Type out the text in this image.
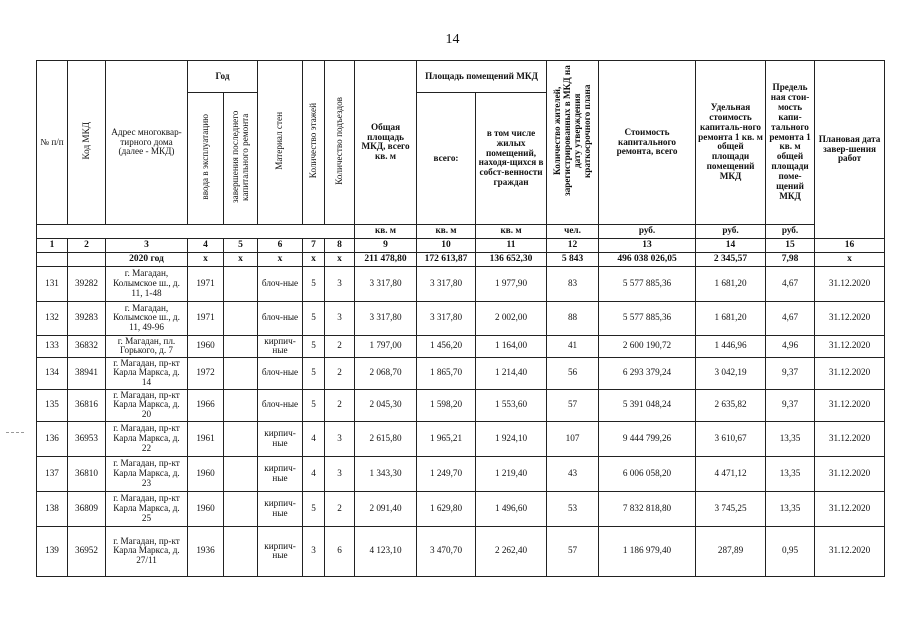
14
№ п/п	Код МКД	Адрес многоквар-тирного дома (далее - МКД)	Год		Материал стен	Количество этажей	Количество подъездов	Общая площадь МКД, всего кв. м	Площадь помещений МКД		Количество жителей, зарегистрированных в МКД на дату утверждения краткосрочного плана	Стоимость капитального ремонта, всего	Удельная стоимость капиталь-ного ремонта 1 кв. м общей площади помещений МКД	Предель ная стои-мость капи-тального ремонта 1 кв. м общей площади поме-щений МКД	Плановая дата завер-шения работ
			ввода в эксплуатацию	завершения последнего капитального ремонта					всего:	в том числе жилых помещений, находя-щихся в собст-венности граждан					
								кв. м	кв. м	кв. м	чел.	руб.	руб.	руб.	
1	2	3	4	5	6	7	8	9	10	11	12	13	14	15	16
		2020 год	x	x	x	x	x	211 478,80	172 613,87	136 652,30	5 843	496 038 026,05	2 345,57	7,98	x
131	39282	г. Магадан, Колымское ш., д. 11, 1-48	1971		блоч-ные	5	3	3 317,80	3 317,80	1 977,90	83	5 577 885,36	1 681,20	4,67	31.12.2020
132	39283	г. Магадан, Колымское ш., д. 11, 49-96	1971		блоч-ные	5	3	3 317,80	3 317,80	2 002,00	88	5 577 885,36	1 681,20	4,67	31.12.2020
133	36832	г. Магадан, пл. Горького, д. 7	1960		кирпич-ные	5	2	1 797,00	1 456,20	1 164,00	41	2 600 190,72	1 446,96	4,96	31.12.2020
134	38941	г. Магадан, пр-кт Карла Маркса, д. 14	1972		блоч-ные	5	2	2 068,70	1 865,70	1 214,40	56	6 293 379,24	3 042,19	9,37	31.12.2020
135	36816	г. Магадан, пр-кт Карла Маркса, д. 20	1966		блоч-ные	5	2	2 045,30	1 598,20	1 553,60	57	5 391 048,24	2 635,82	9,37	31.12.2020
136	36953	г. Магадан, пр-кт Карла Маркса, д. 22	1961		кирпич-ные	4	3	2 615,80	1 965,21	1 924,10	107	9 444 799,26	3 610,67	13,35	31.12.2020
137	36810	г. Магадан, пр-кт Карла Маркса, д. 23	1960		кирпич-ные	4	3	1 343,30	1 249,70	1 219,40	43	6 006 058,20	4 471,12	13,35	31.12.2020
138	36809	г. Магадан, пр-кт Карла Маркса, д. 25	1960		кирпич-ные	5	2	2 091,40	1 629,80	1 496,60	53	7 832 818,80	3 745,25	13,35	31.12.2020
139	36952	г. Магадан, пр-кт Карла Маркса, д. 27/11	1936		кирпич-ные	3	6	4 123,10	3 470,70	2 262,40	57	1 186 979,40	287,89	0,95	31.12.2020
